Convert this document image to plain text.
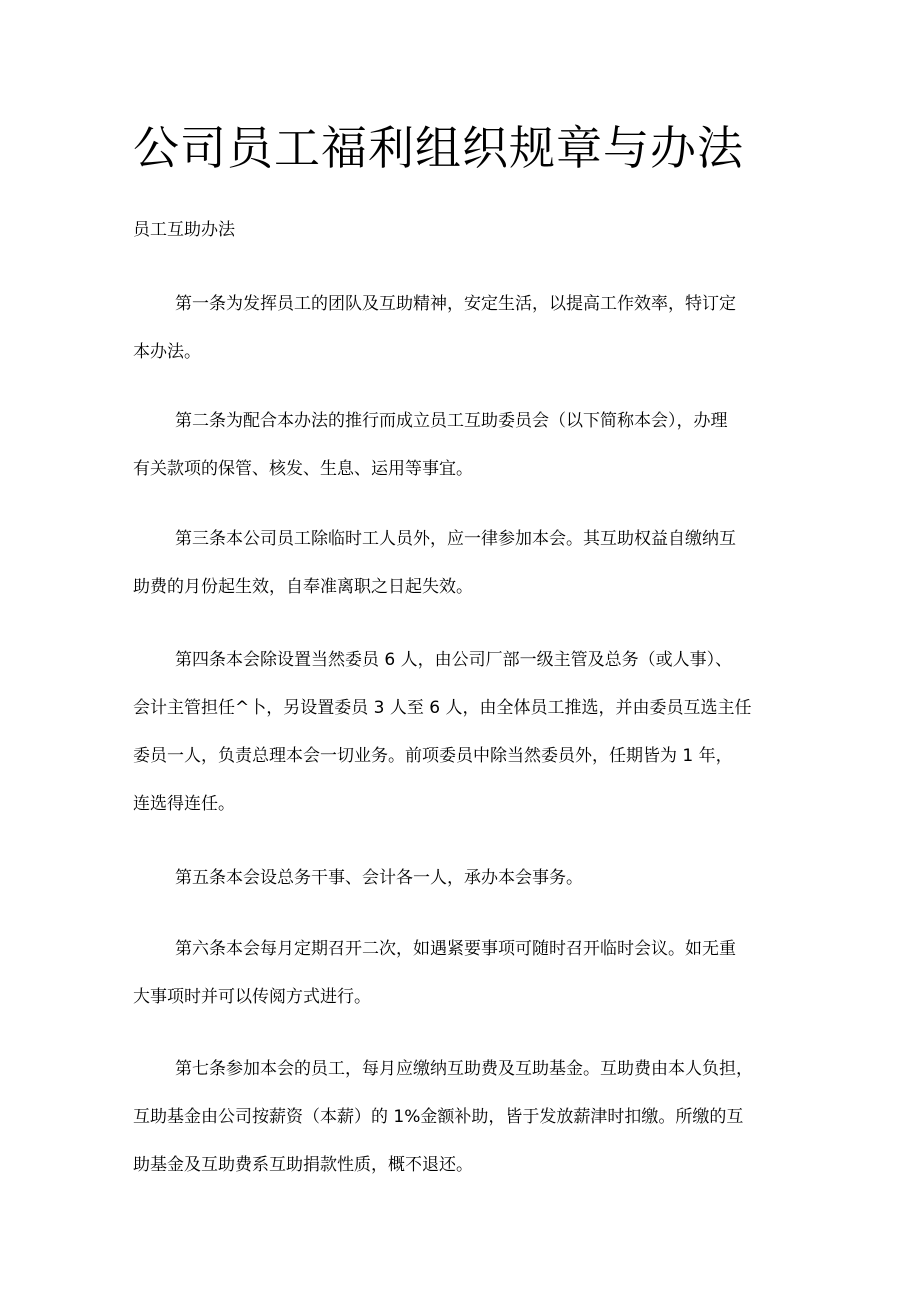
公司员工福利组织规章与办法
员工互助办法

第一条为发挥员工的团队及互助精神，安定生活，以提高工作效率，特订定

本办法。

第二条为配合本办法的推行而成立员工互助委员会（以下简称本会），办理

有关款项的保管、核发、生息、运用等事宜。

第三条本公司员工除临时工人员外，应一律参加本会。其互助权益自缴纳互

助费的月份起生效，自奉准离职之日起失效。

第四条本会除设置当然委员 6 人，由公司厂部一级主管及总务（或人事）、

会计主管担任^卜，另设置委员 3 人至 6 人，由全体员工推选，并由委员互选主任

委员一人，负责总理本会一切业务。前项委员中除当然委员外，任期皆为 1 年，

连选得连任。

第五条本会设总务干事、会计各一人，承办本会事务。

第六条本会每月定期召开二次，如遇紧要事项可随时召开临时会议。如无重

大事项时并可以传阅方式进行。

第七条参加本会的员工，每月应缴纳互助费及互助基金。互助费由本人负担，

互助基金由公司按薪资（本薪）的 1%金额补助，皆于发放薪津时扣缴。所缴的互

助基金及互助费系互助捐款性质，概不退还。
